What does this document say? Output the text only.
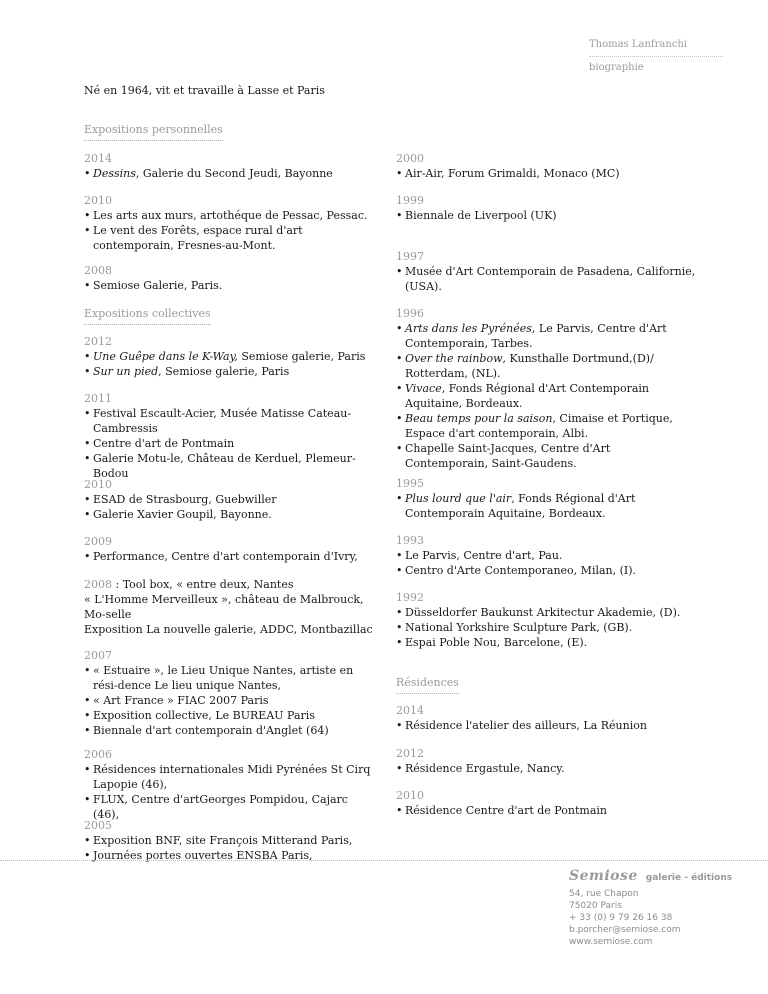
Thomas Lanfranchi
biographie
Né en 1964, vit et travaille à Lasse et Paris
Expositions personnelles
2014
• Dessins, Galerie du Second Jeudi, Bayonne
2010
• Les arts aux murs, artothéque de Pessac, Pessac.
• Le vent des Forêts, espace rural d'art contemporain, Fresnes-au-Mont.
2008
• Semiose Galerie, Paris.
Expositions collectives
2012
• Une Guêpe dans le K-Way, Semiose galerie, Paris
• Sur un pied, Semiose galerie, Paris
2011
• Festival Escault-Acier, Musée Matisse Cateau-Cambressis
• Centre d'art de Pontmain
• Galerie Motu-le, Château de Kerduel, Plemeur-Bodou
2010
• ESAD de Strasbourg, Guebwiller
• Galerie Xavier Goupil, Bayonne.
2009
• Performance, Centre d'art contemporain d'Ivry,
2008 : Tool box, « entre deux, Nantes
« L'Homme Merveilleux », château de Malbrouck, Mo-selle
Exposition La nouvelle galerie, ADDC, Montbazillac
2007
• « Estuaire », le Lieu Unique Nantes, artiste en rési-dence Le lieu unique Nantes,
• « Art France » FIAC 2007 Paris
• Exposition collective, Le BUREAU Paris
• Biennale d'art contemporain d'Anglet (64)
2006
• Résidences internationales Midi Pyrénées St Cirq Lapopie (46),
• FLUX, Centre d'artGeorges Pompidou, Cajarc (46),
2005
• Exposition BNF, site François Mitterand Paris,
• Journées portes ouvertes ENSBA Paris,
2000
• Air-Air, Forum Grimaldi, Monaco (MC)
1999
• Biennale de Liverpool (UK)
1997
• Musée d'Art Contemporain de Pasadena, Californie, (USA).
1996
• Arts dans les Pyrénées, Le Parvis, Centre d'Art Contemporain, Tarbes.
• Over the rainbow, Kunsthalle Dortmund,(D)/ Rotterdam, (NL).
• Vivace, Fonds Régional d'Art Contemporain Aquitaine, Bordeaux.
• Beau temps pour la saison, Cimaise et Portique, Espace d'art contemporain, Albi.
• Chapelle Saint-Jacques, Centre d'Art Contemporain, Saint-Gaudens.
1995
• Plus lourd que l'air, Fonds Régional d'Art Contemporain Aquitaine, Bordeaux.
1993
• Le Parvis, Centre d'art, Pau.
• Centro d'Arte Contemporaneo, Milan, (I).
1992
• Düsseldorfer Baukunst Arkitectur Akademie, (D).
• National Yorkshire Sculpture Park, (GB).
• Espai Poble Nou, Barcelone, (E).
Résidences
2014
• Résidence l'atelier des ailleurs, La Réunion
2012
• Résidence Ergastule, Nancy.
2010
• Résidence Centre d'art de Pontmain
Semiose galerie - éditions
54, rue Chapon
75020 Paris
+ 33 (0) 9 79 26 16 38
b.porcher@semiose.com
www.semiose.com
